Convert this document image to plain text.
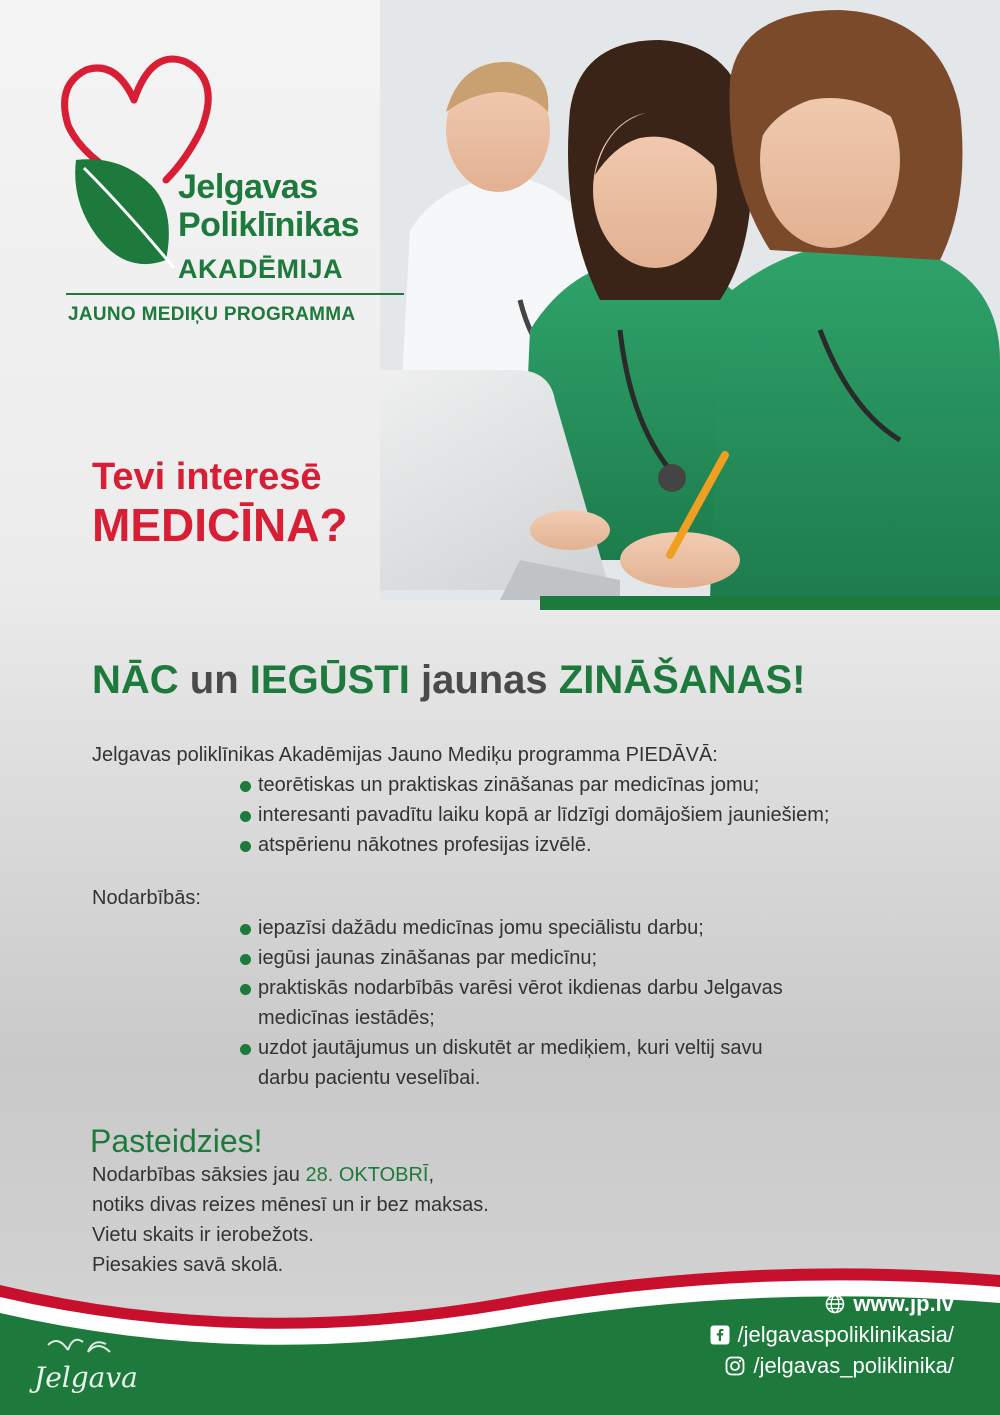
Jelgavas
Poliklīnikas
AKADĒMIJA
JAUNO MEDIĶU PROGRAMMA
Tevi interesē
MEDICĪNA?
NĀC un IEGŪSTI jaunas ZINĀŠANAS!
Jelgavas poliklīnikas Akadēmijas Jauno Mediķu programma PIEDĀVĀ:
teorētiskas un praktiskas zināšanas par medicīnas jomu;
interesanti pavadītu laiku kopā ar līdzīgi domājošiem jauniešiem;
atspērienu nākotnes profesijas izvēlē.
Nodarbībās:
iepazīsi dažādu medicīnas jomu speciālistu darbu;
iegūsi jaunas zināšanas par medicīnu;
praktiskās nodarbībās varēsi vērot ikdienas darbu Jelgavas
medicīnas iestādēs;
uzdot jautājumus un diskutēt ar mediķiem, kuri veltij savu
darbu pacientu veselībai.
Pasteidzies!
Nodarbības sāksies jau 28. OKTOBRĪ,
notiks divas reizes mēnesī un ir bez maksas.
Vietu skaits ir ierobežots.
Piesakies savā skolā.
Jelgava
www.jp.lv
/jelgavaspoliklinikasia/
/jelgavas_poliklinika/
